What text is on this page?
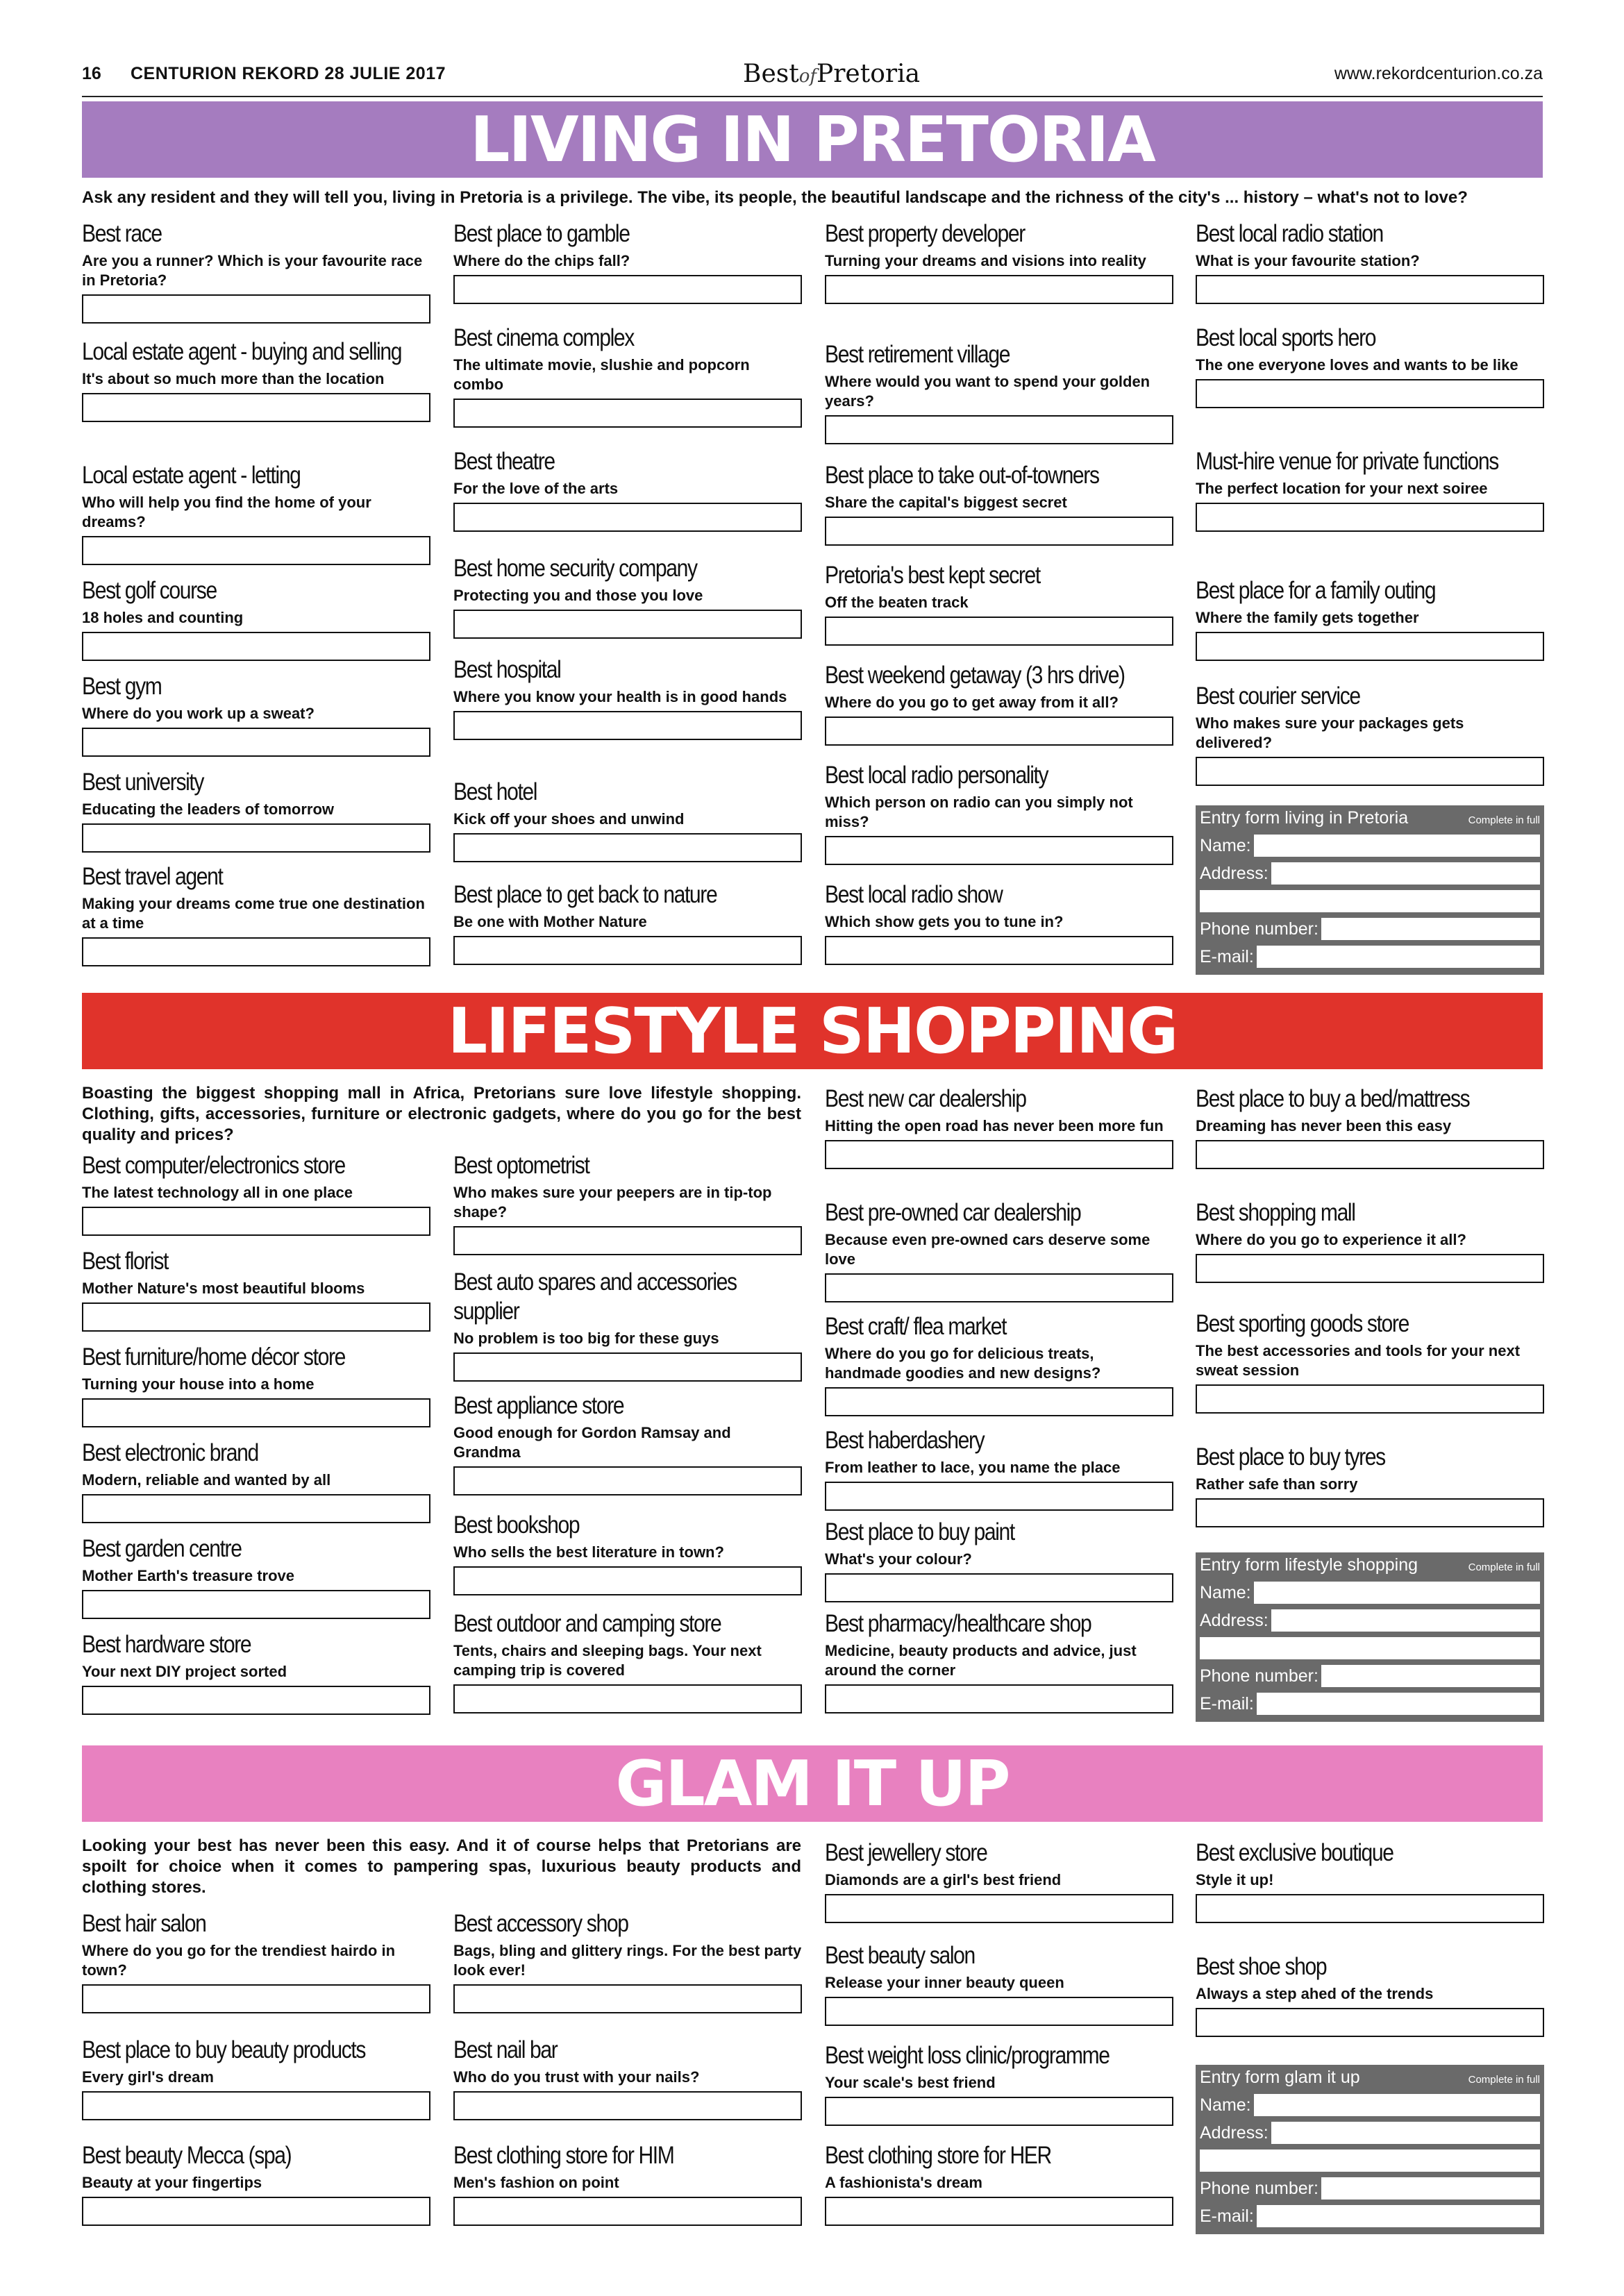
16 CENTURION REKORD 28 JULIE 2017	BestofPretoria	www.rekordcenturion.co.za
LIVING IN PRETORIA
Ask any resident and they will tell you, living in Pretoria is a privilege. The vibe, its people, the beautiful landscape and the richness of the city's ... history – what's not to love?
Best race
Are you a runner? Which is your favourite race in Pretoria?
Local estate agent - buying and selling
It's about so much more than the location
Local estate agent - letting
Who will help you find the home of your dreams?
Best golf course
18 holes and counting
Best gym
Where do you work up a sweat?
Best university
Educating the leaders of tomorrow
Best travel agent
Making your dreams come true one destination at a time
Best place to gamble
Where do the chips fall?
Best cinema complex
The ultimate movie, slushie and popcorn combo
Best theatre
For the love of the arts
Best home security company
Protecting you and those you love
Best hospital
Where you know your health is in good hands
Best hotel
Kick off your shoes and unwind
Best place to get back to nature
Be one with Mother Nature
Best property developer
Turning your dreams and visions into reality
Best retirement village
Where would you want to spend your golden years?
Best place to take out-of-towners
Share the capital's biggest secret
Pretoria's best kept secret
Off the beaten track
Best weekend getaway (3 hrs drive)
Where do you go to get away from it all?
Best local radio personality
Which person on radio can you simply not miss?
Best local radio show
Which show gets you to tune in?
Best local radio station
What is your favourite station?
Best local sports hero
The one everyone loves and wants to be like
Must-hire venue for private functions
The perfect location for your next soiree
Best place for a family outing
Where the family gets together
Best courier service
Who makes sure your packages gets delivered?
Entry form living in Pretoria	Complete in full
Name:
Address:
Phone number:
E-mail:
LIFESTYLE SHOPPING
Boasting the biggest shopping mall in Africa, Pretorians sure love lifestyle shopping. Clothing, gifts, accessories, furniture or electronic gadgets, where do you go for the best quality and prices?
Best computer/electronics store
The latest technology all in one place
Best florist
Mother Nature's most beautiful blooms
Best furniture/home décor store
Turning your house into a home
Best electronic brand
Modern, reliable and wanted by all
Best garden centre
Mother Earth's treasure trove
Best hardware store
Your next DIY project sorted
Best optometrist
Who makes sure your peepers are in tip-top shape?
Best auto spares and accessories supplier
No problem is too big for these guys
Best appliance store
Good enough for Gordon Ramsay and Grandma
Best bookshop
Who sells the best literature in town?
Best outdoor and camping store
Tents, chairs and sleeping bags. Your next camping trip is covered
Best new car dealership
Hitting the open road has never been more fun
Best pre-owned car dealership
Because even pre-owned cars deserve some love
Best craft/ flea market
Where do you go for delicious treats, handmade goodies and new designs?
Best haberdashery
From leather to lace, you name the place
Best place to buy paint
What's your colour?
Best pharmacy/healthcare shop
Medicine, beauty products and advice, just around the corner
Best place to buy a bed/mattress
Dreaming has never been this easy
Best shopping mall
Where do you go to experience it all?
Best sporting goods store
The best accessories and tools for your next sweat session
Best place to buy tyres
Rather safe than sorry
Entry form lifestyle shopping	Complete in full
Name:
Address:
Phone number:
E-mail:
GLAM IT UP
Looking your best has never been this easy. And it of course helps that Pretorians are spoilt for choice when it comes to pampering spas, luxurious beauty products and clothing stores.
Best hair salon
Where do you go for the trendiest hairdo in town?
Best place to buy beauty products
Every girl's dream
Best beauty Mecca (spa)
Beauty at your fingertips
Best accessory shop
Bags, bling and glittery rings. For the best party look ever!
Best nail bar
Who do you trust with your nails?
Best clothing store for HIM
Men's fashion on point
Best jewellery store
Diamonds are a girl's best friend
Best beauty salon
Release your inner beauty queen
Best weight loss clinic/programme
Your scale's best friend
Best clothing store for HER
A fashionista's dream
Best exclusive boutique
Style it up!
Best shoe shop
Always a step ahed of the trends
Entry form glam it up	Complete in full
Name:
Address:
Phone number:
E-mail:
